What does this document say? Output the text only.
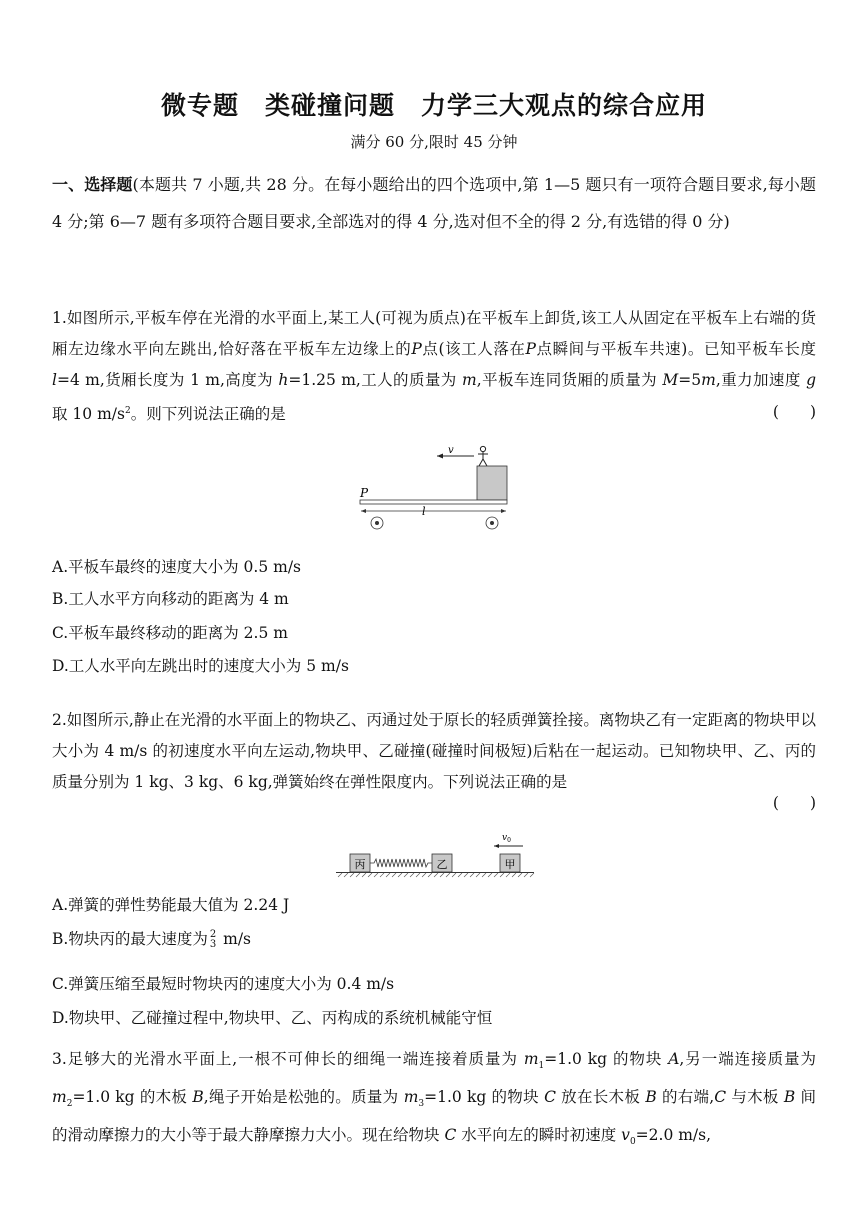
微专题　类碰撞问题　力学三大观点的综合应用

满分 60 分,限时 45 分钟

一、选择题(本题共 7 小题,共 28 分。在每小题给出的四个选项中,第 1—5 题只有一项符合题目要求,每小题 4 分;第 6—7 题有多项符合题目要求,全部选对的得 4 分,选对但不全的得 2 分,有选错的得 0 分)

1.如图所示,平板车停在光滑的水平面上,某工人(可视为质点)在平板车上卸货,该工人从固定在平板车上右端的货厢左边缘水平向左跳出,恰好落在平板车左边缘上的P点(该工人落在P点瞬间与平板车共速)。已知平板车长度 l=4 m,货厢长度为 1 m,高度为 h=1.25 m,工人的质量为 m,平板车连同货厢的质量为 M=5m,重力加速度 g 取 10 $m/s^2$。则下列说法正确的是	(　　)
v
P
l

A.平板车最终的速度大小为 0.5 m/s

B.工人水平方向移动的距离为 4 m

C.平板车最终移动的距离为 2.5 m

D.工人水平向左跳出时的速度大小为 5 m/s

2.如图所示,静止在光滑的水平面上的物块乙、丙通过处于原长的轻质弹簧拴接。离物块乙有一定距离的物块甲以大小为 4 m/s 的初速度水平向左运动,物块甲、乙碰撞(碰撞时间极短)后粘在一起运动。已知物块甲、乙、丙的质量分别为 1 kg、3 kg、6 kg,弹簧始终在弹性限度内。下列说法正确的是

(　　)
$v_0$
丙	乙	甲

A.弹簧的弹性势能最大值为 2.24 J

B.物块丙的最大速度为 2
3 m/s

C.弹簧压缩至最短时物块丙的速度大小为 0.4 m/s

D.物块甲、乙碰撞过程中,物块甲、乙、丙构成的系统机械能守恒

3.足够大的光滑水平面上,一根不可伸长的细绳一端连接着质量为 $m_1=1.0$ kg 的物块 A,另一端连接质量为 $m_2=1.0$ kg 的木板 B,绳子开始是松弛的。质量为 $m_3=1.0$ kg 的物块 C 放在长木板 B 的右端,C 与木板 B 间的滑动摩擦力的大小等于最大静摩擦力大小。现在给物块 C 水平向左的瞬时初速度 $v_0=2.0$ m/s,
